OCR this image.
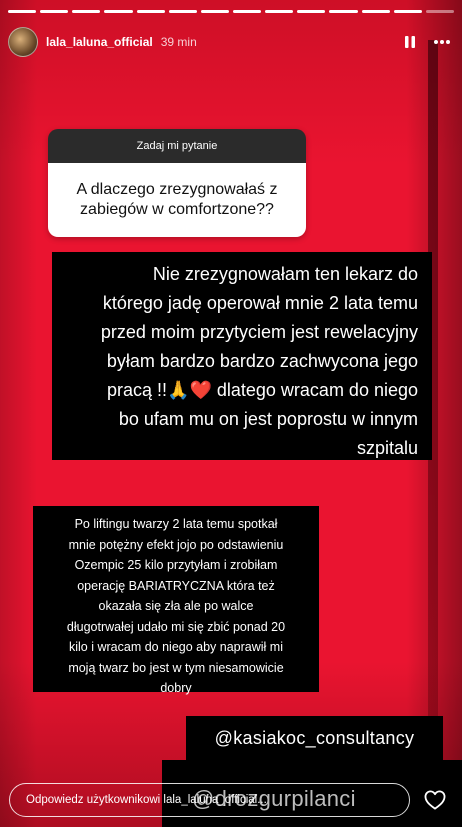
lala_laluna_official 39 min
Zadaj mi pytanie
A dlaczego zrezygnowałaś z zabiegów w comfortzone??
Nie zrezygnowałam ten lekarz do
którego jadę operował mnie 2 lata temu
przed moim przytyciem jest rewelacyjny
byłam bardzo bardzo zachwycona jego
pracą !!🙏❤️ dlatego wracam do niego
bo ufam mu on jest poprostu w innym
szpitalu
Po liftingu twarzy 2 lata temu spotkał
mnie potężny efekt jojo po odstawieniu
Ozempic 25 kilo przytyłam i zrobiłam
operację BARIATRYCZNA która też
okazała się zła ale po walce
długotrwałej udało mi się zbić ponad 20
kilo i wracam do niego aby naprawił mi
moją twarz bo jest w tym niesamowicie
dobry
@kasiakoc_consultancy
@drozgurpilanci
Odpowiedz użytkownikowi lala_laluna_official...
